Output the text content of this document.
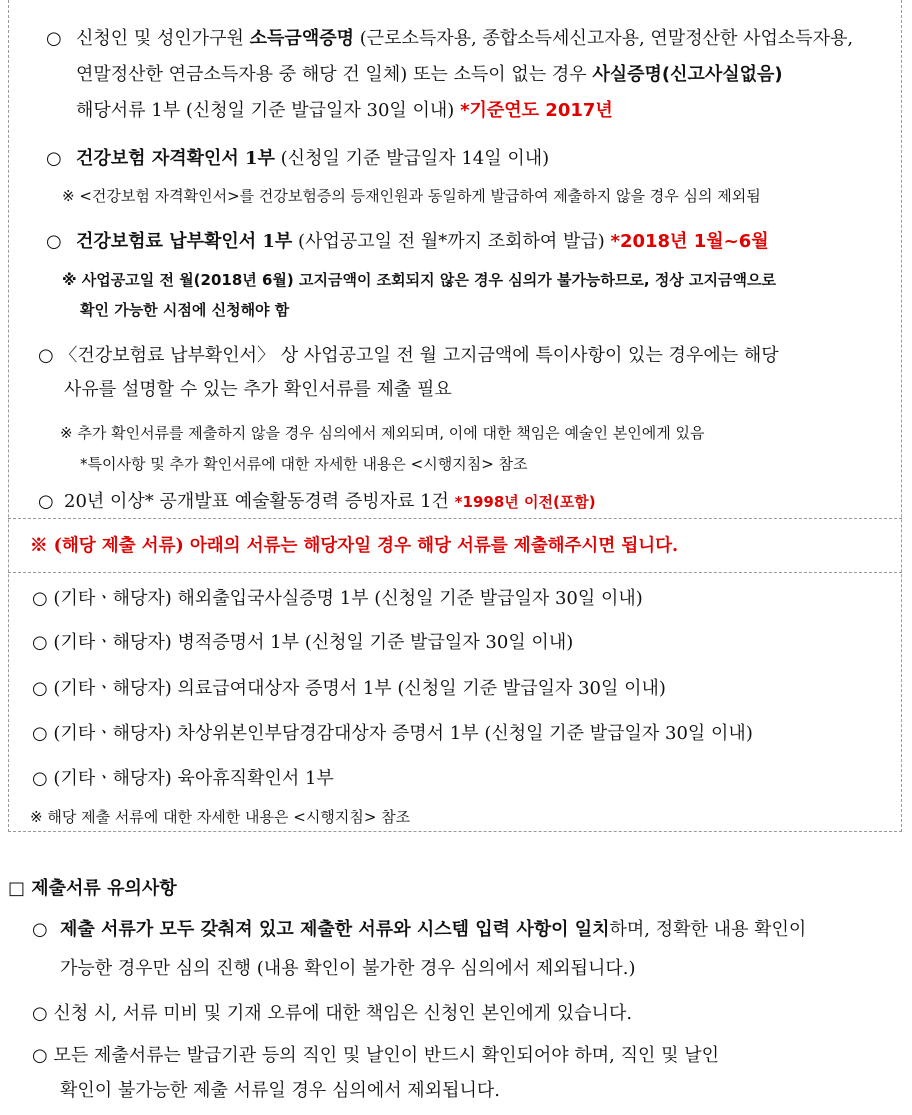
○ 신청인 및 성인가구원 소득금액증명 (근로소득자용, 종합소득세신고자용, 연말정산한 사업소득자용,
연말정산한 연금소득자용 중 해당 건 일체) 또는 소득이 없는 경우 사실증명(신고사실없음)
해당서류 1부 (신청일 기준 발급일자 30일 이내) *기준연도 2017년
○ 건강보험 자격확인서 1부 (신청일 기준 발급일자 14일 이내)
※ <건강보험 자격확인서>를 건강보험증의 등재인원과 동일하게 발급하여 제출하지 않을 경우 심의 제외됨
○ 건강보험료 납부확인서 1부 (사업공고일 전 월*까지 조회하여 발급) *2018년 1월~6월
※ 사업공고일 전 월(2018년 6월) 고지금액이 조회되지 않은 경우 심의가 불가능하므로, 정상 고지금액으로
확인 가능한 시점에 신청해야 함
○ 〈건강보험료 납부확인서〉 상 사업공고일 전 월 고지금액에 특이사항이 있는 경우에는 해당
사유를 설명할 수 있는 추가 확인서류를 제출 필요
※ 추가 확인서류를 제출하지 않을 경우 심의에서 제외되며, 이에 대한 책임은 예술인 본인에게 있음
*특이사항 및 추가 확인서류에 대한 자세한 내용은 <시행지침> 참조
○ 20년 이상* 공개발표 예술활동경력 증빙자료 1건 *1998년 이전(포함)
※ (해당 제출 서류) 아래의 서류는 해당자일 경우 해당 서류를 제출해주시면 됩니다.
○ (기타ㆍ해당자) 해외출입국사실증명 1부 (신청일 기준 발급일자 30일 이내)
○ (기타ㆍ해당자) 병적증명서 1부 (신청일 기준 발급일자 30일 이내)
○ (기타ㆍ해당자) 의료급여대상자 증명서 1부 (신청일 기준 발급일자 30일 이내)
○ (기타ㆍ해당자) 차상위본인부담경감대상자 증명서 1부 (신청일 기준 발급일자 30일 이내)
○ (기타ㆍ해당자) 육아휴직확인서 1부
※ 해당 제출 서류에 대한 자세한 내용은 <시행지침> 참조
□ 제출서류 유의사항
○ 제출 서류가 모두 갖춰져 있고 제출한 서류와 시스템 입력 사항이 일치하며, 정확한 내용 확인이
가능한 경우만 심의 진행 (내용 확인이 불가한 경우 심의에서 제외됩니다.)
○ 신청 시, 서류 미비 및 기재 오류에 대한 책임은 신청인 본인에게 있습니다.
○ 모든 제출서류는 발급기관 등의 직인 및 날인이 반드시 확인되어야 하며, 직인 및 날인
확인이 불가능한 제출 서류일 경우 심의에서 제외됩니다.
